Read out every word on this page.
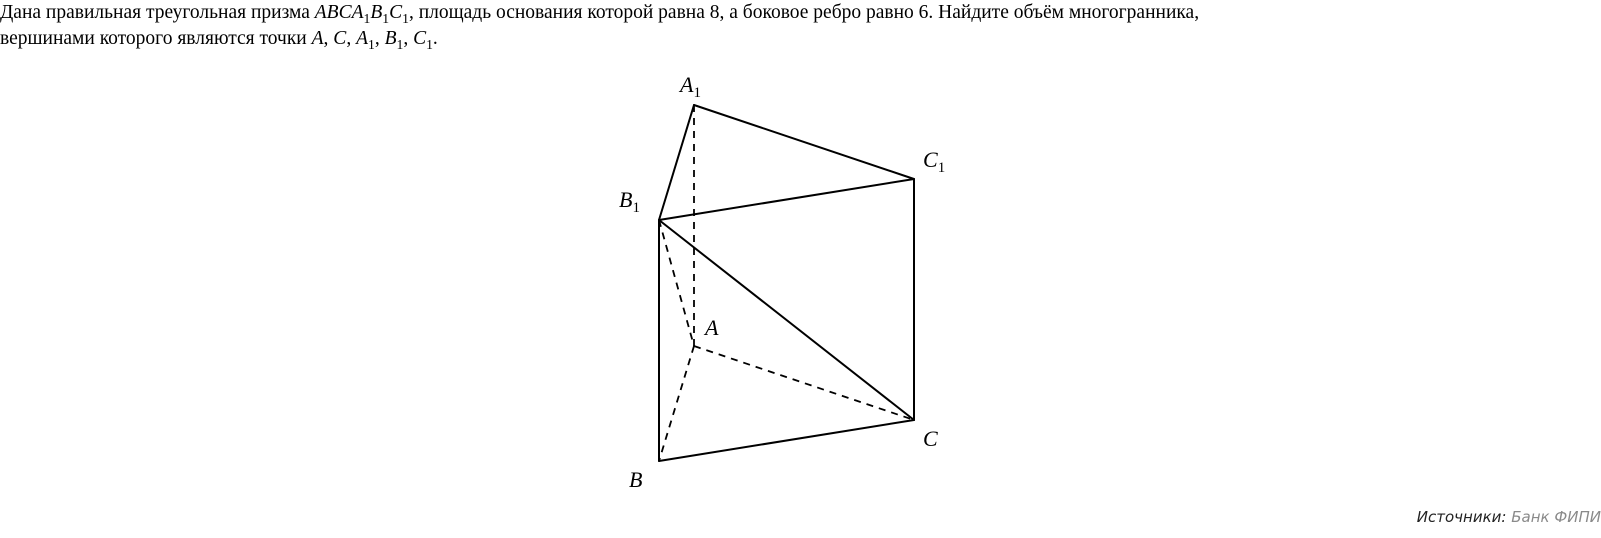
Дана правильная треугольная призма $ABCA_1B_1C_1$, площадь основания которой равна 8, а боковое ребро равно 6. Найдите объём многогранника,
вершинами которого являются точки A, C, $A_1$, $B_1$, $C_1$.
$A_1$
$C_1$
$B_1$
A
C
B
Источники: Банк ФИПИ
